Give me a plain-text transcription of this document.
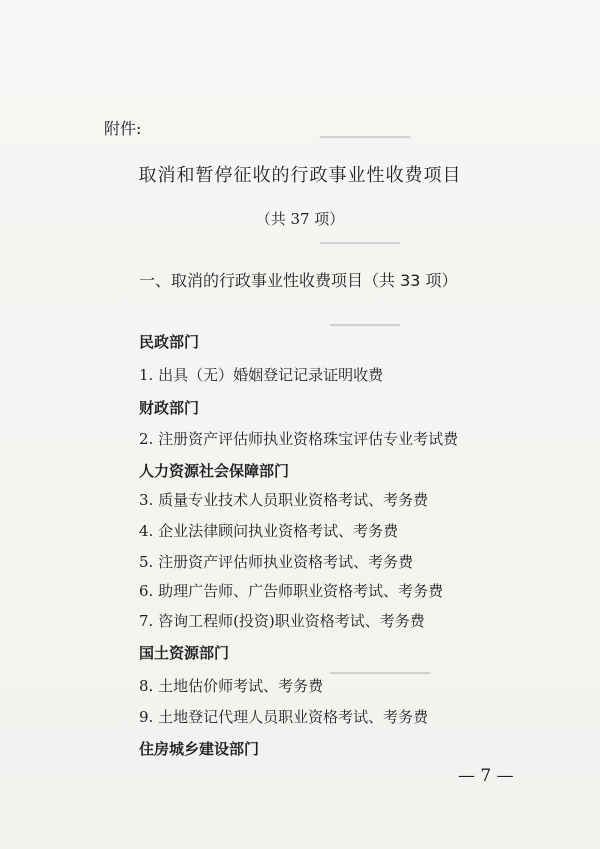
▁▁▁▁▁▁▁▁▁
▁▁▁▁▁▁▁▁
▁▁▁▁▁▁▁
▁▁▁▁▁▁▁▁▁▁
附件:
取消和暂停征收的行政事业性收费项目
（共 37 项）
一、取消的行政事业性收费项目（共 33 项）
民政部门
1. 出具（无）婚姻登记记录证明收费
财政部门
2. 注册资产评估师执业资格珠宝评估专业考试费
人力资源社会保障部门
3. 质量专业技术人员职业资格考试、考务费
4. 企业法律顾问执业资格考试、考务费
5. 注册资产评估师执业资格考试、考务费
6. 助理广告师、广告师职业资格考试、考务费
7. 咨询工程师(投资)职业资格考试、考务费
国土资源部门
8. 土地估价师考试、考务费
9. 土地登记代理人员职业资格考试、考务费
住房城乡建设部门
— 7 —
